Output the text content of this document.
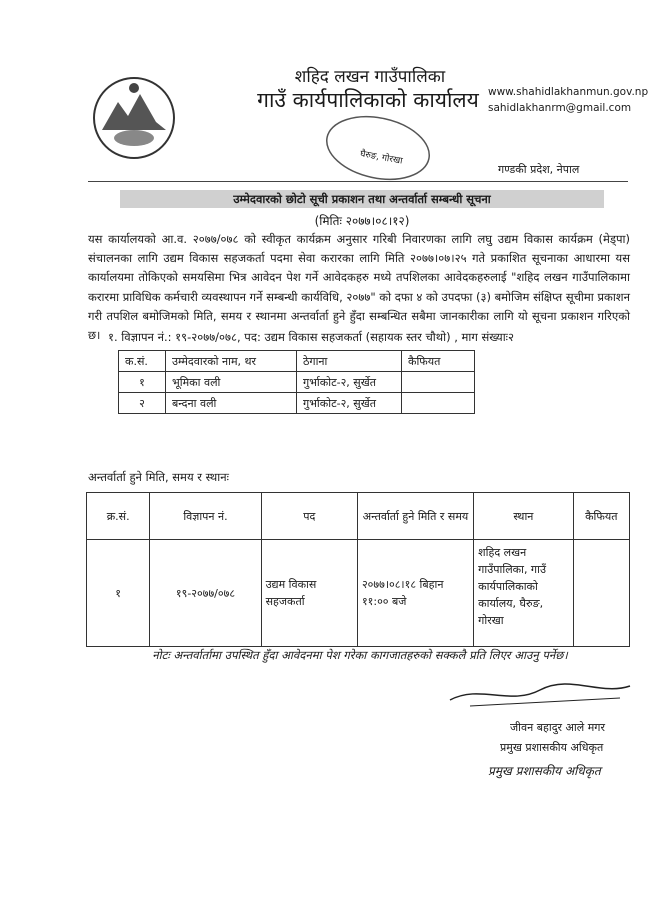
शहिद लखन गाउँपालिका
गाउँ कार्यपालिकाको कार्यालय www.shahidlakhanmun.gov.np
sahidlakhanrm@gmail.com
घैरुङ, गोरखा
गण्डकी प्रदेश, नेपाल
उम्मेदवारको छोटो सूची प्रकाशन तथा अन्तर्वार्ता सम्बन्धी सूचना
(मितिः २०७७।०८।१२)
यस कार्यालयको आ.व. २०७७/०७८ को स्वीकृत कार्यक्रम अनुसार गरिबी निवारणका लागि लघु उद्यम विकास कार्यक्रम (मेड्पा) संचालनका लागि उद्यम विकास सहजकर्ता पदमा सेवा करारका लागि मिति २०७७।०७।२५ गते प्रकाशित सूचनाका आधारमा यस कार्यालयमा तोकिएको समयसिमा भित्र आवेदन पेश गर्ने आवेदकहरु मध्ये तपशिलका आवेदकहरुलाई "शहिद लखन गाउँपालिकामा करारमा प्राविधिक कर्मचारी व्यवस्थापन गर्ने सम्बन्धी कार्यविधि, २०७७" को दफा ४ को उपदफा (३) बमोजिम संक्षिप्त सूचीमा प्रकाशन गरी तपशिल बमोजिमको मिति, समय र स्थानमा अन्तर्वार्ता हुने हुँदा सम्बन्धित सबैमा जानकारीका लागि यो सूचना प्रकाशन गरिएको छ। १. विज्ञापन नं.: १९-२०७७/०७८, पद: उद्यम विकास सहजकर्ता (सहायक स्तर चौथो) , माग संख्याः२
क.सं.	उम्मेदवारको नाम, थर	ठेगाना	कैफियत
१	भूमिका वली	गुर्भाकोट-२, सुर्खेत	
२	बन्दना वली	गुर्भाकोट-२, सुर्खेत	
अन्तर्वार्ता हुने मिति, समय र स्थानः
क्र.सं.	विज्ञापन नं.	पद	अन्तर्वार्ता हुने मिति र समय	स्थान	कैफियत
१	१९-२०७७/०७८	उद्यम विकास सहजकर्ता	२०७७।०८।१८ बिहान ११:०० बजे	शहिद लखन गाउँपालिका, गाउँ कार्यपालिकाको कार्यालय, घैरुङ, गोरखा	
नोटः अन्तर्वार्तामा उपस्थित हुँदा आवेदनमा पेश गरेका कागजातहरुको सक्कलै प्रति लिएर आउनु पर्नेछ।
जीवन बहादुर आले मगर
प्रमुख प्रशासकीय अधिकृत
प्रमुख प्रशासकीय अधिकृत
